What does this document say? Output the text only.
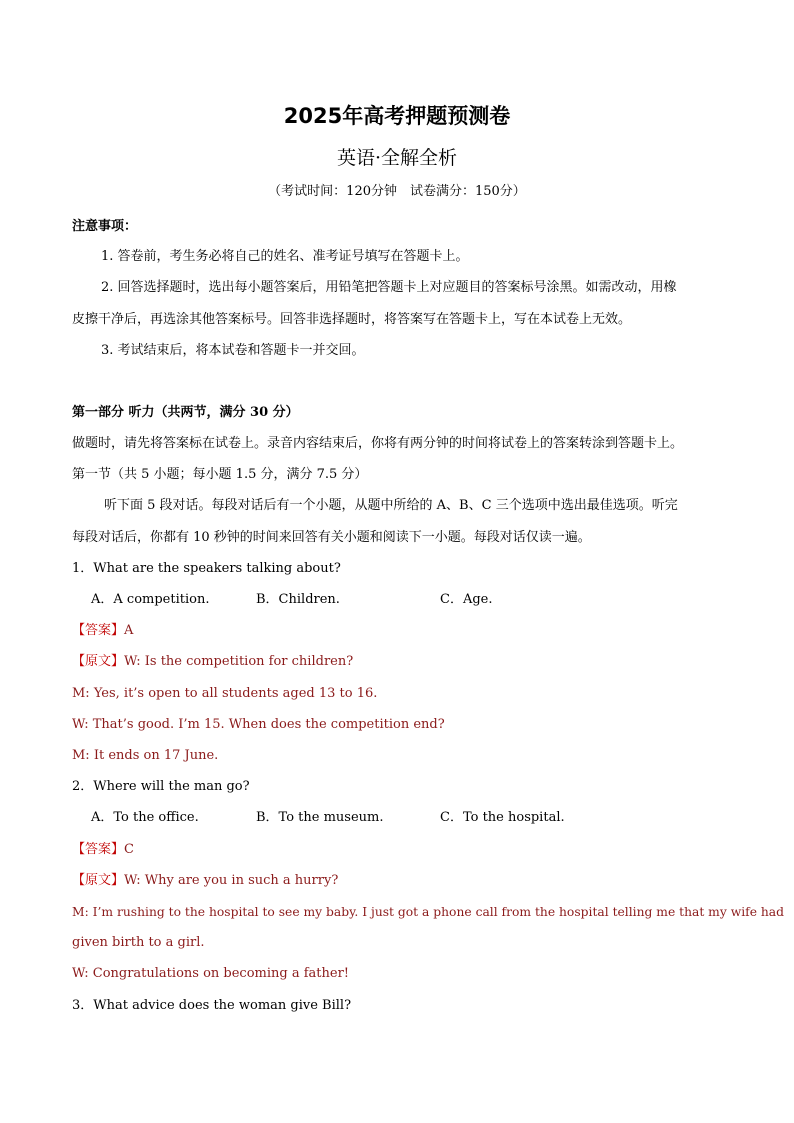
2025年高考押题预测卷
英语·全解全析
（考试时间：120分钟　试卷满分：150分）
注意事项：
1. 答卷前，考生务必将自己的姓名、准考证号填写在答题卡上。
2. 回答选择题时，选出每小题答案后，用铅笔把答题卡上对应题目的答案标号涂黑。如需改动，用橡
皮擦干净后，再选涂其他答案标号。回答非选择题时，将答案写在答题卡上，写在本试卷上无效。
3. 考试结束后，将本试卷和答题卡一并交回。
第一部分 听力（共两节，满分 30 分）
做题时，请先将答案标在试卷上。录音内容结束后，你将有两分钟的时间将试卷上的答案转涂到答题卡上。
第一节（共 5 小题；每小题 1.5 分，满分 7.5 分）
听下面 5 段对话。每段对话后有一个小题，从题中所给的 A、B、C 三个选项中选出最佳选项。听完
每段对话后，你都有 10 秒钟的时间来回答有关小题和阅读下一小题。每段对话仅读一遍。
1．What are the speakers talking about?
A．A competition.	B．Children.	C．Age.
【答案】A
【原文】W: Is the competition for children?
M: Yes, it’s open to all students aged 13 to 16.
W: That’s good. I’m 15. When does the competition end?
M: It ends on 17 June.
2．Where will the man go?
A．To the office.	B．To the museum.	C．To the hospital.
【答案】C
【原文】W: Why are you in such a hurry?
M: I’m rushing to the hospital to see my baby. I just got a phone call from the hospital telling me that my wife had
given birth to a girl.
W: Congratulations on becoming a father!
3．What advice does the woman give Bill?
